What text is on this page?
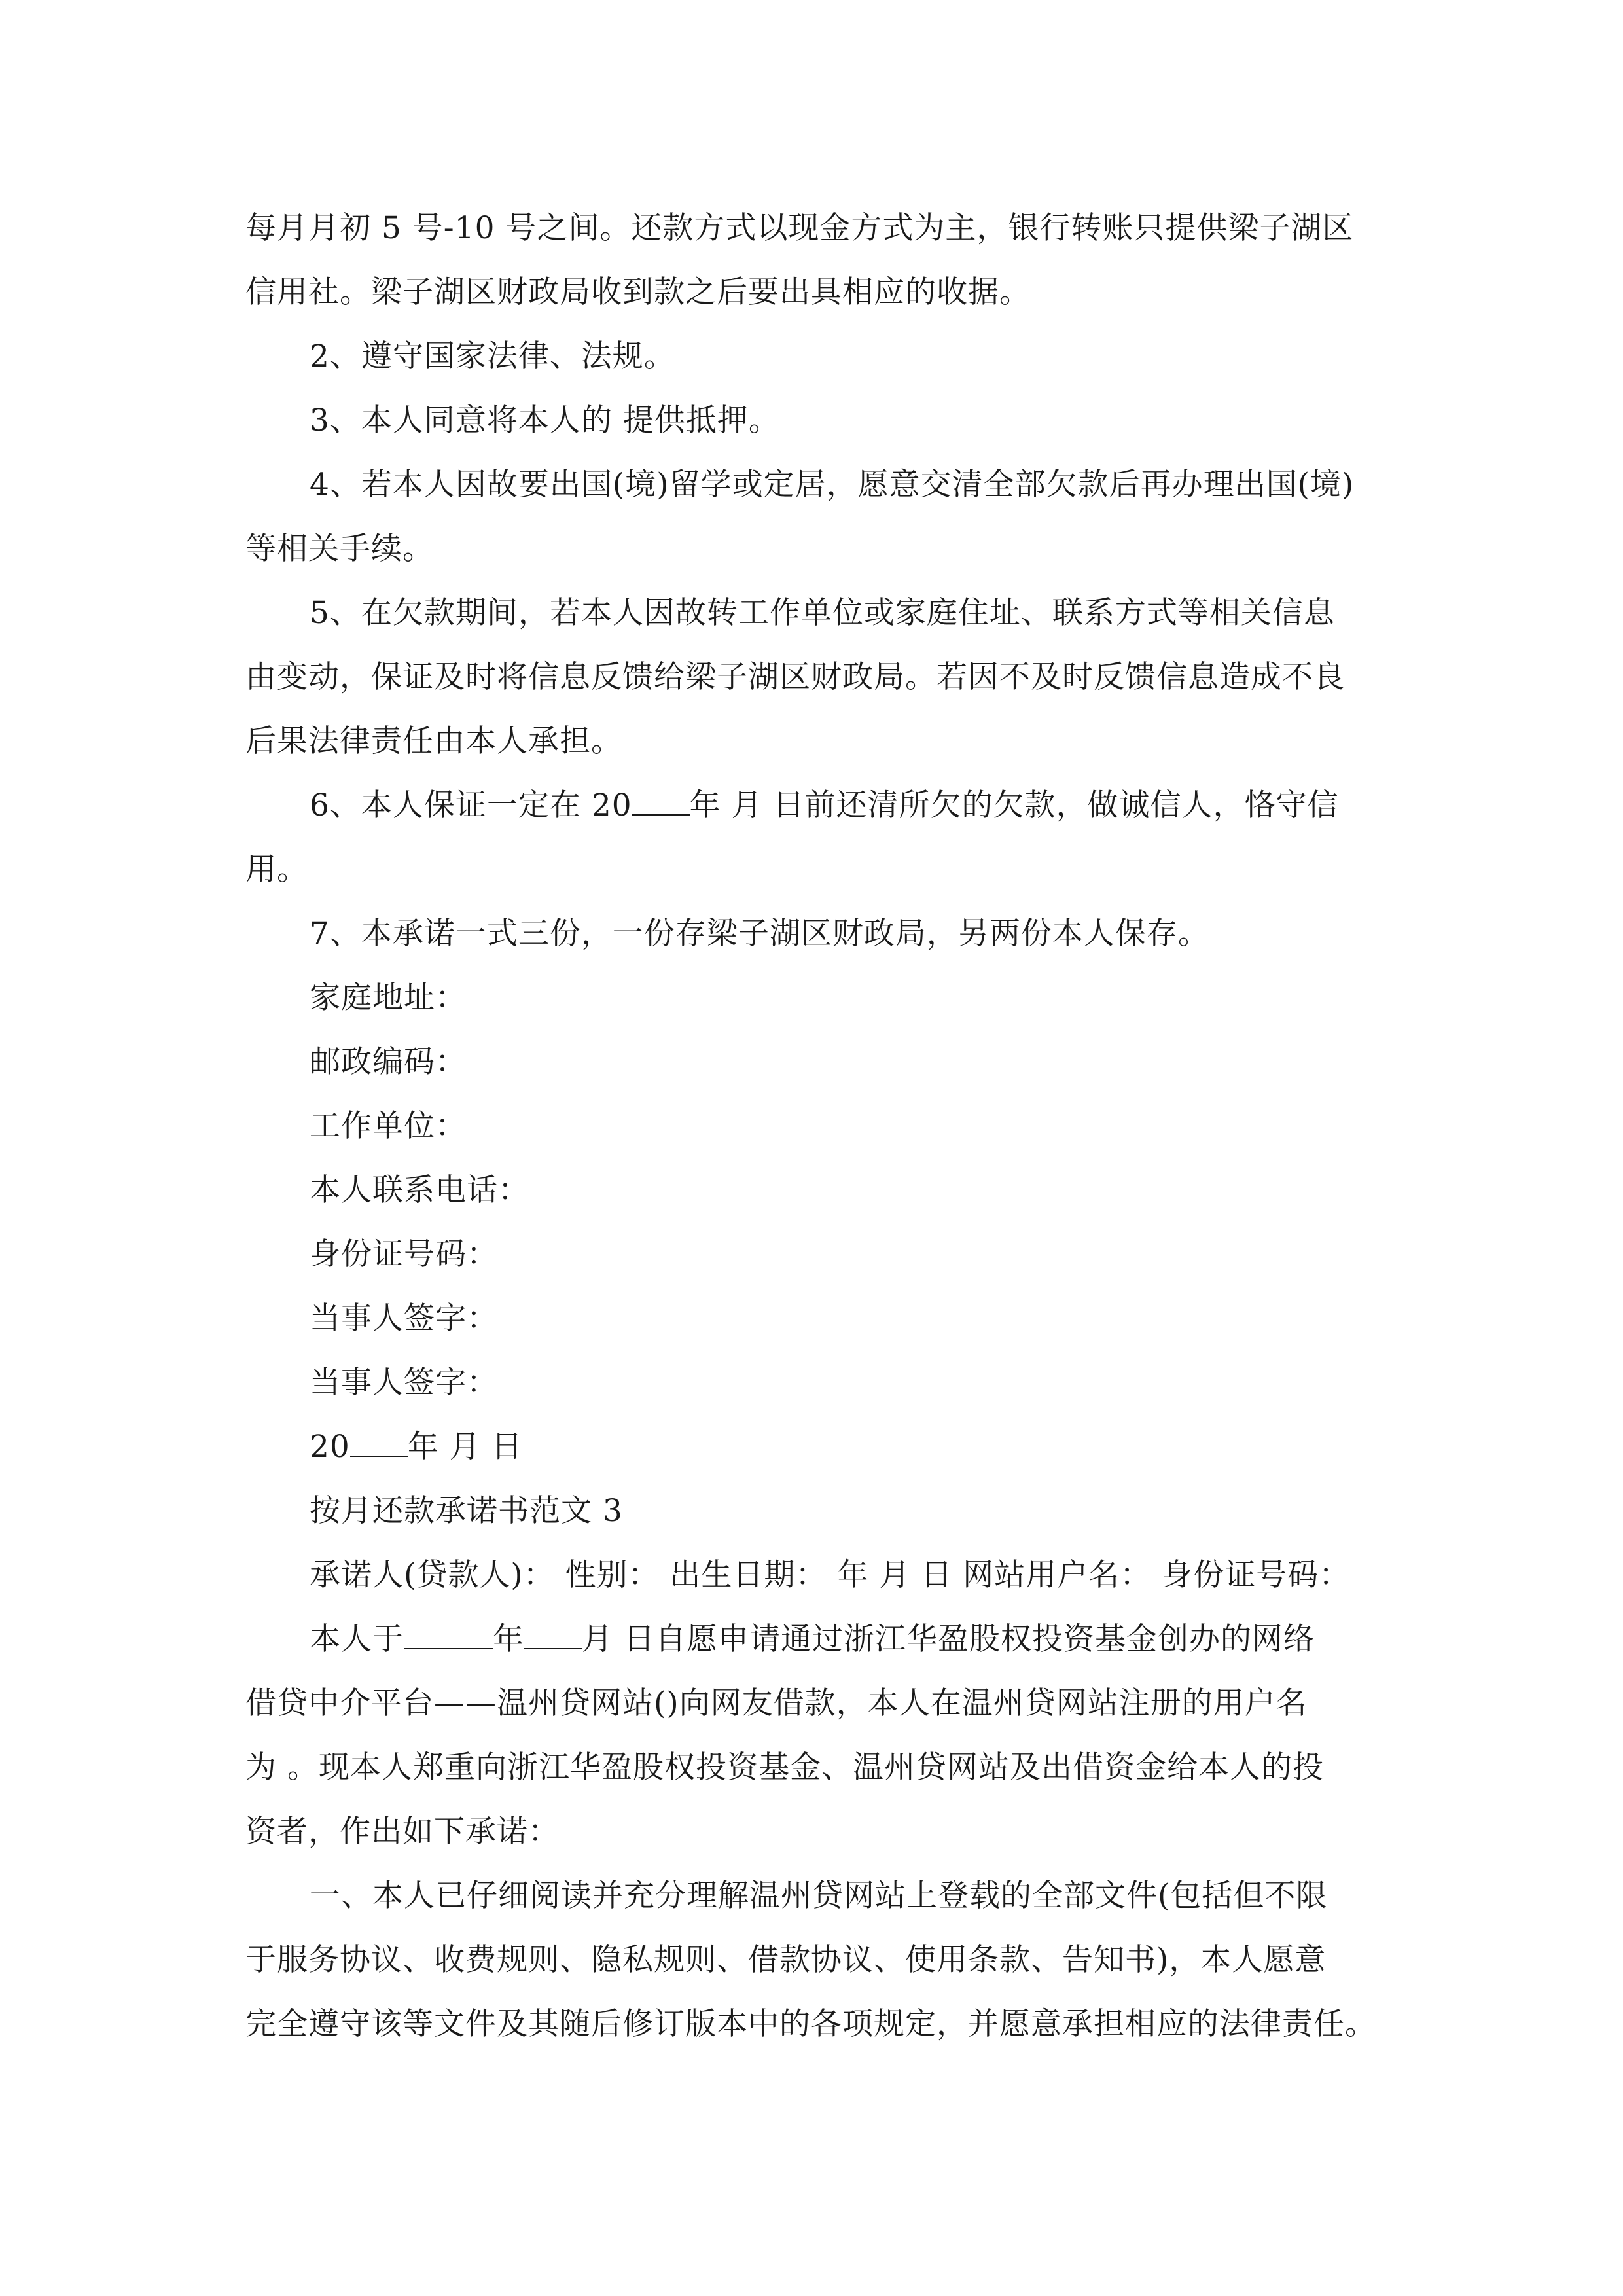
每月月初 5 号-10 号之间。还款方式以现金方式为主，银行转账只提供梁子湖区
信用社。梁子湖区财政局收到款之后要出具相应的收据。
2、遵守国家法律、法规。
3、本人同意将本人的 提供抵押。
4、若本人因故要出国(境)留学或定居，愿意交清全部欠款后再办理出国(境)
等相关手续。
5、在欠款期间，若本人因故转工作单位或家庭住址、联系方式等相关信息
由变动，保证及时将信息反馈给梁子湖区财政局。若因不及时反馈信息造成不良
后果法律责任由本人承担。
6、本人保证一定在 20 年 月 日前还清所欠的欠款，做诚信人，恪守信
用。
7、本承诺一式三份，一份存梁子湖区财政局，另两份本人保存。
家庭地址：
邮政编码：
工作单位：
本人联系电话：
身份证号码：
当事人签字：
当事人签字：
20 年 月 日
按月还款承诺书范文 3
承诺人(贷款人)： 性别： 出生日期： 年 月 日 网站用户名： 身份证号码：
本人于	年 月 日自愿申请通过浙江华盈股权投资基金创办的网络
借贷中介平台——温州贷网站()向网友借款，本人在温州贷网站注册的用户名
为 。现本人郑重向浙江华盈股权投资基金、温州贷网站及出借资金给本人的投
资者，作出如下承诺：
一、本人已仔细阅读并充分理解温州贷网站上登载的全部文件(包括但不限
于服务协议、收费规则、隐私规则、借款协议、使用条款、告知书)，本人愿意
完全遵守该等文件及其随后修订版本中的各项规定，并愿意承担相应的法律责任。
